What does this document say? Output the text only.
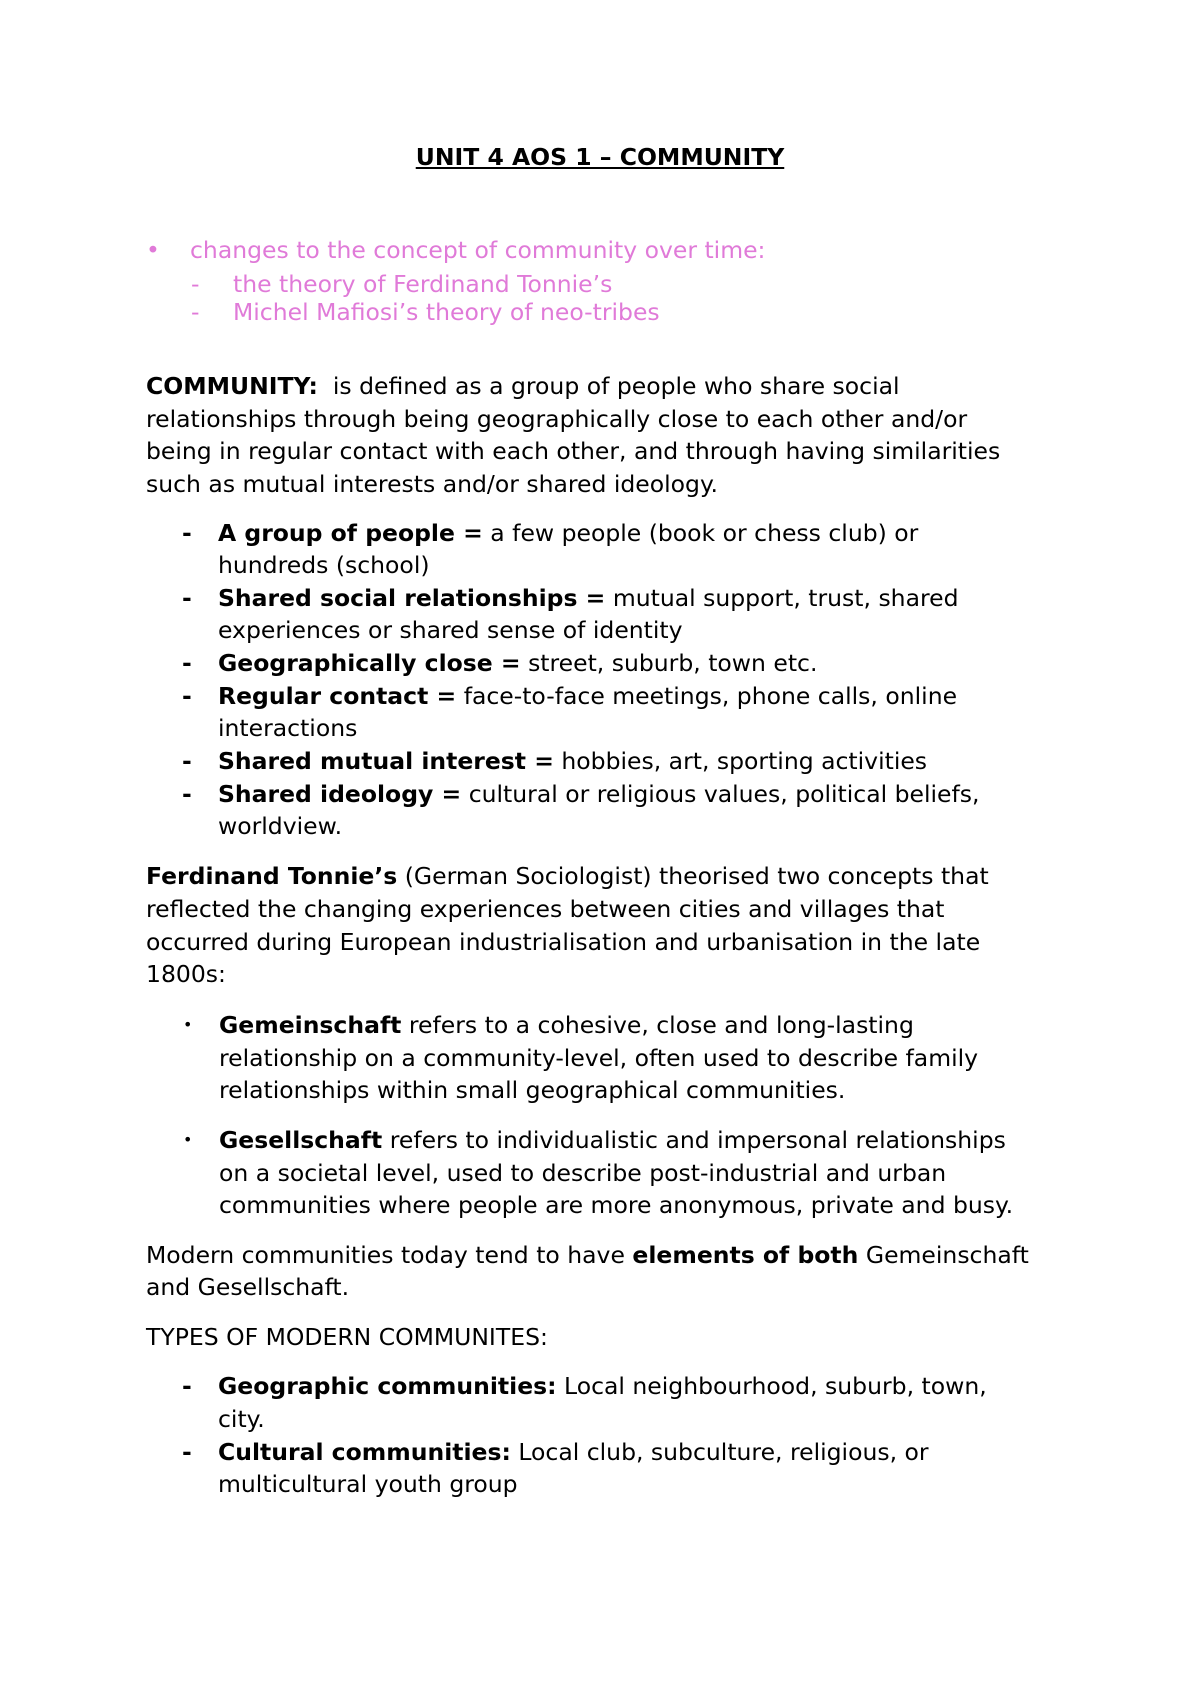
UNIT 4 AOS 1 – COMMUNITY
• changes to the concept of community over time:
- the theory of Ferdinand Tonnie’s
- Michel Mafiosi’s theory of neo-tribes
COMMUNITY: is defined as a group of people who share social
relationships through being geographically close to each other and/or
being in regular contact with each other, and through having similarities
such as mutual interests and/or shared ideology.
- A group of people = a few people (book or chess club) or
hundreds (school)
- Shared social relationships = mutual support, trust, shared
experiences or shared sense of identity
- Geographically close = street, suburb, town etc.
- Regular contact = face-to-face meetings, phone calls, online
interactions
- Shared mutual interest = hobbies, art, sporting activities
- Shared ideology = cultural or religious values, political beliefs,
worldview.
Ferdinand Tonnie’s (German Sociologist) theorised two concepts that
reflected the changing experiences between cities and villages that
occurred during European industrialisation and urbanisation in the late
1800s:
• Gemeinschaft refers to a cohesive, close and long-lasting
relationship on a community-level, often used to describe family
relationships within small geographical communities.
• Gesellschaft refers to individualistic and impersonal relationships
on a societal level, used to describe post-industrial and urban
communities where people are more anonymous, private and busy.
Modern communities today tend to have elements of both Gemeinschaft
and Gesellschaft.
TYPES OF MODERN COMMUNITES:
- Geographic communities: Local neighbourhood, suburb, town,
city.
- Cultural communities: Local club, subculture, religious, or
multicultural youth group
